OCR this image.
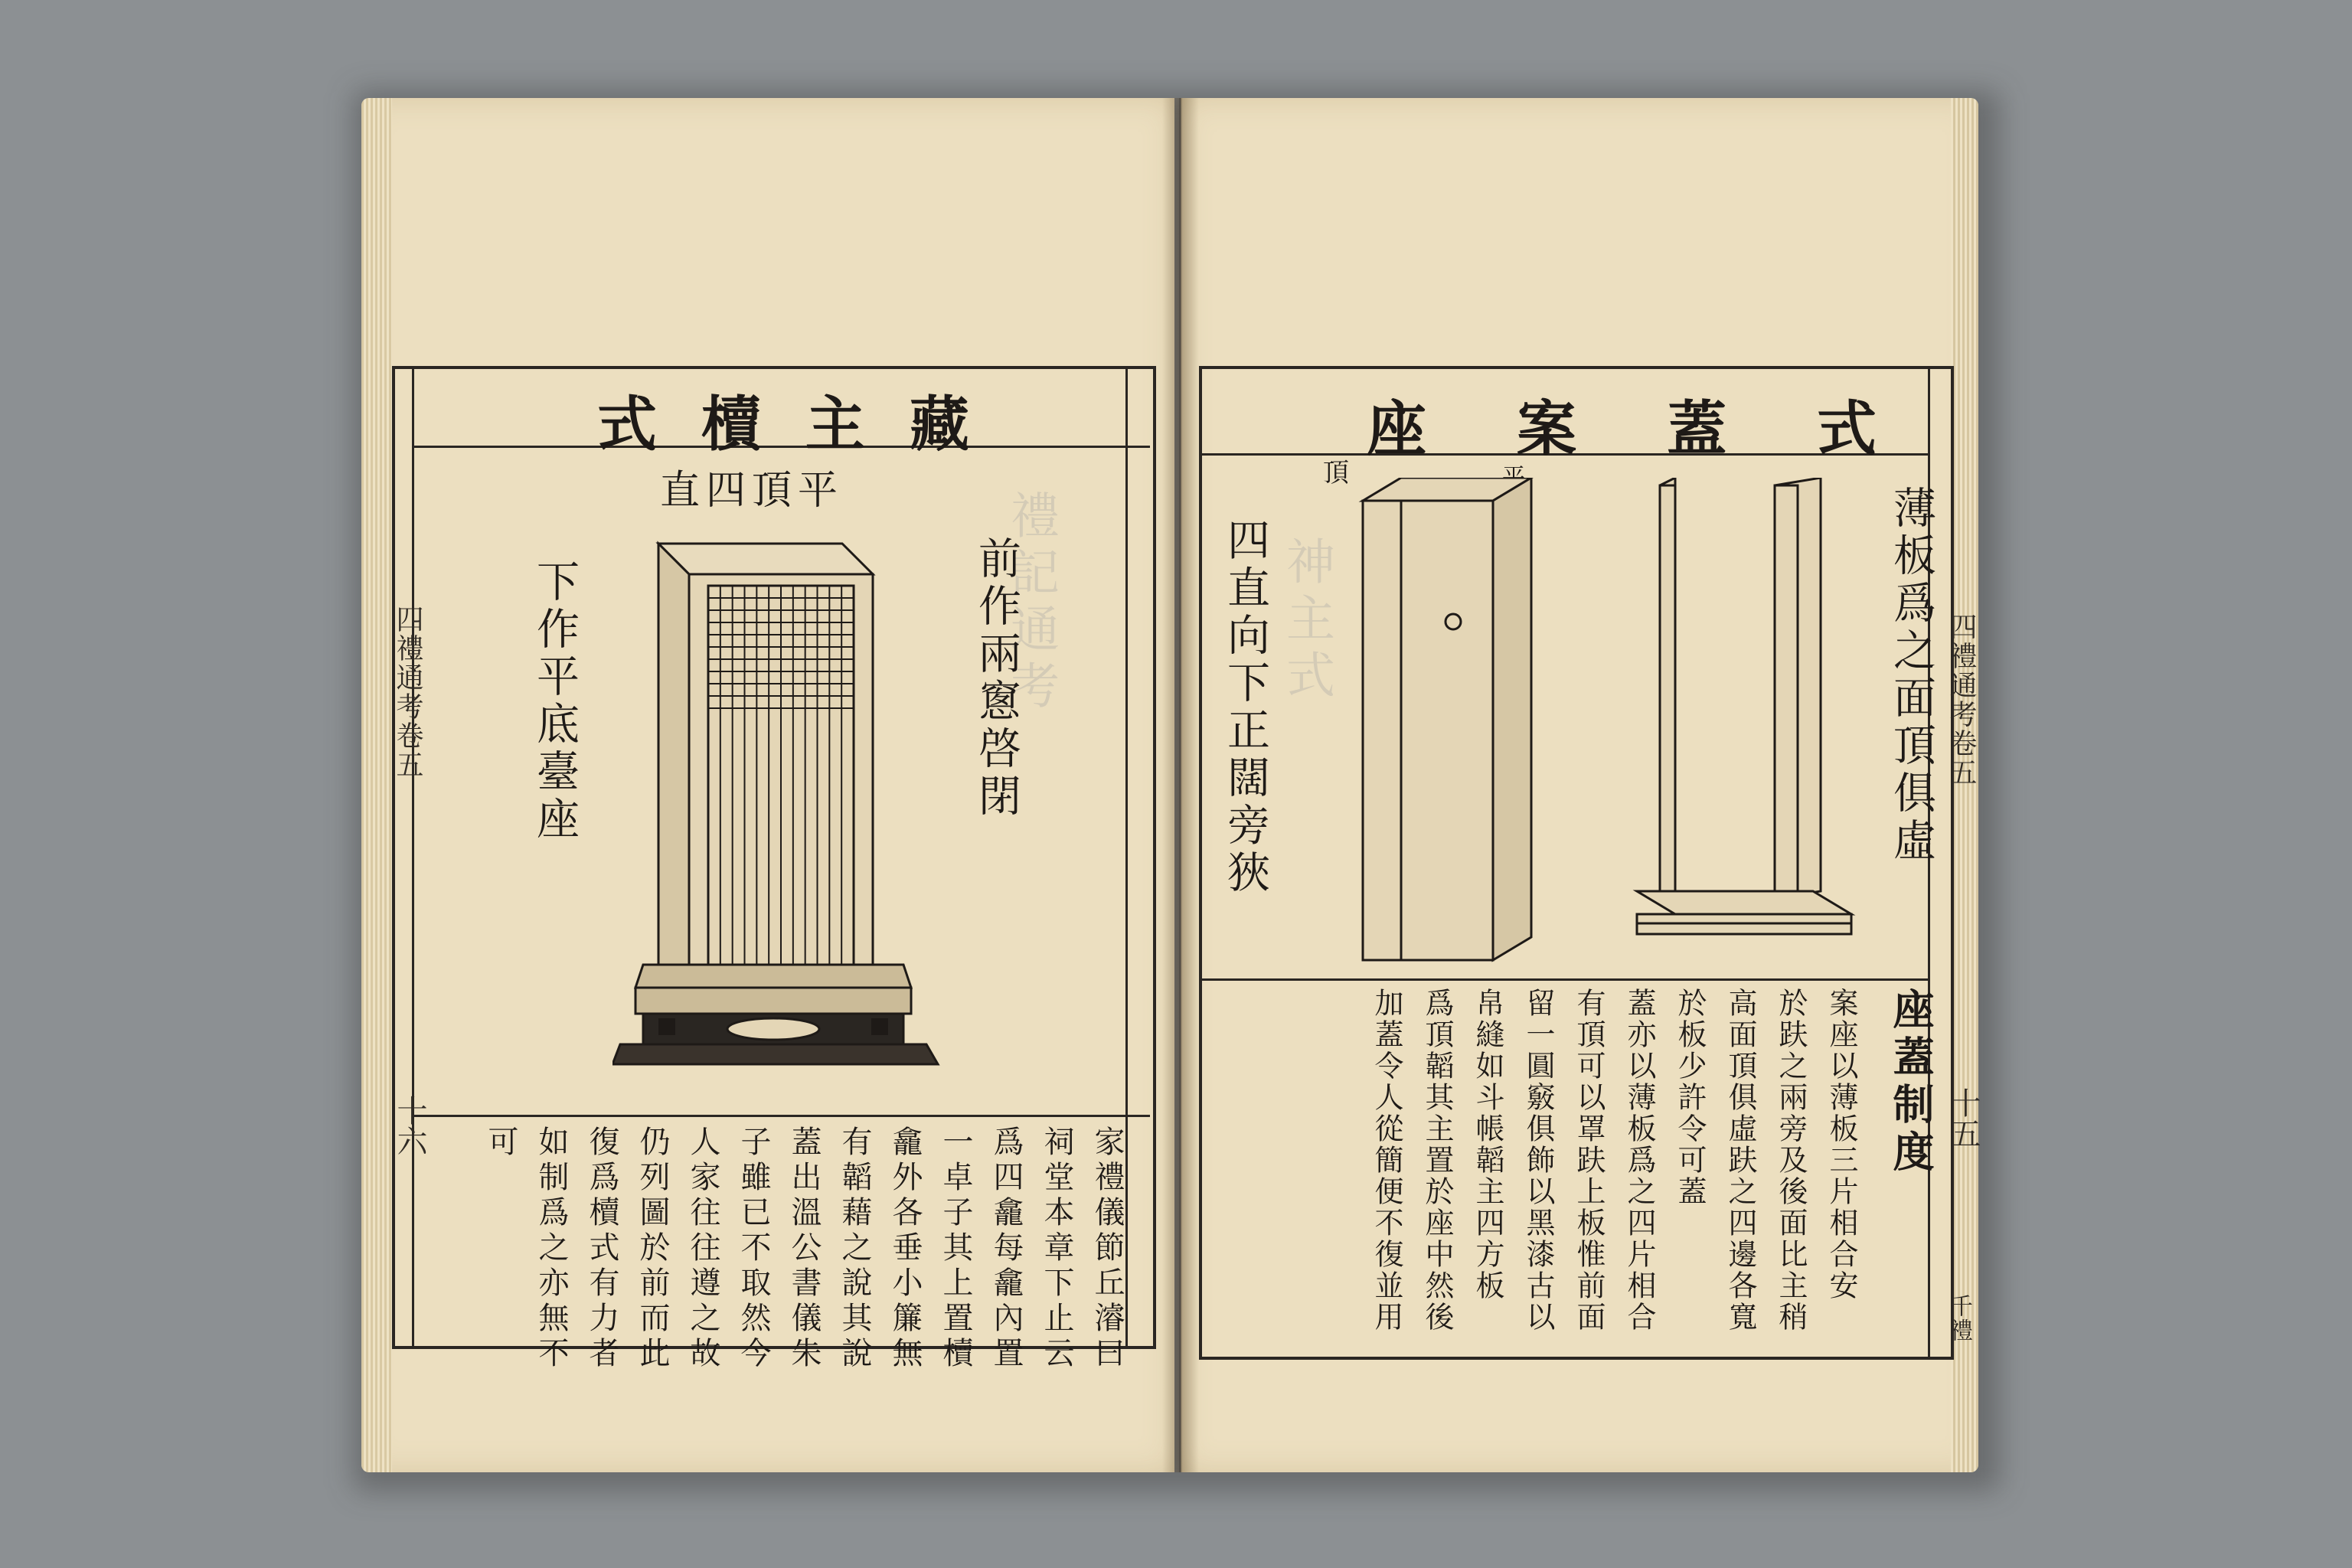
禮記通考	神主式
式櫝主藏
直四頂平
前作兩窻啓閉
下作平底臺座
四禮通考卷五
十六	家禮儀節丘濬曰
祠堂本章下止云
爲四龕每龕內置
一卓子其上置櫝
龕外各垂小簾無
有韜藉之說其說
蓋出溫公書儀朱
子雖已不取然今
人家往往遵之故
仍列圖於前而此
復爲櫝式有力者
如制爲之亦無不
可
座案蓋式
頂
四直向下正闊旁狹	薄板爲之面頂俱虛 四禮通考卷五
十五
千禮
座蓋制度
案座以薄板三片相合安
於趺之兩旁及後面比主稍
高面頂俱虛趺之四邊各寬
於板少許令可蓋
蓋亦以薄板爲之四片相合
有頂可以罩趺上板惟前面
留一圓竅俱飾以黑漆古以
帛縫如斗帳韜主四方板
爲頂韜其主置於座中然後
加蓋令人從簡便不復並用
